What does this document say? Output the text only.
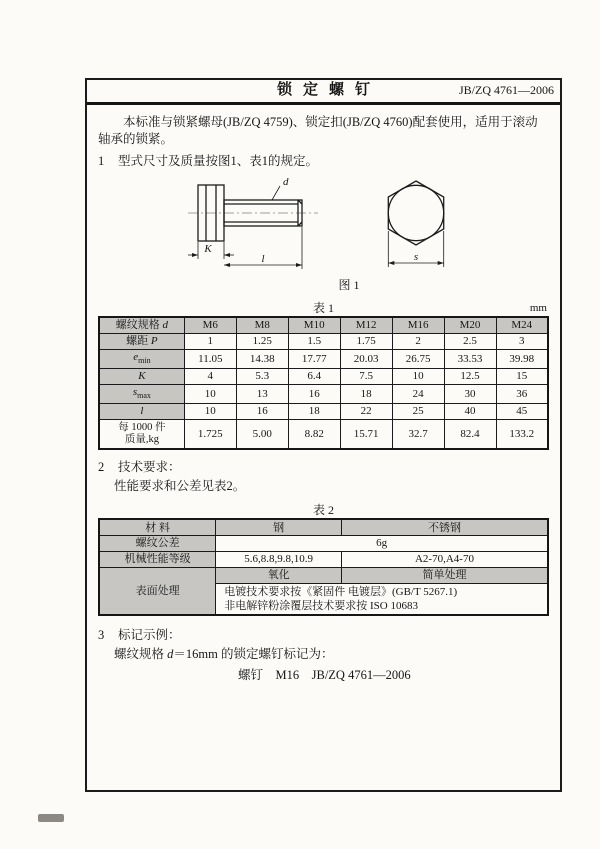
锁定螺钉	JB/ZQ 4761—2006

本标准与锁紧螺母(JB/ZQ 4759)、锁定扣(JB/ZQ 4760)配套使用，适用于滚动轴承的锁紧。

1 型式尺寸及质量按图1、表1的规定。

K
l
d
s
图 1
表 1	mm
螺纹规格 d	M6	M8	M10	M12	M16	M20	M24
螺距 P	1	1.25	1.5	1.75	2	2.5	3
$e_{min}$	11.05	14.38	17.77	20.03	26.75	33.53	39.98
K	4	5.3	6.4	7.5	10	12.5	15
$s_{max}$	10	13	16	18	24	30	36
l	10	16	18	22	25	40	45

每 1000 件
质量,kg	1.725	5.00	8.82	15.71	32.7	82.4	133.2

2 技术要求：

性能要求和公差见表2。

表 2
材 料	钢	不锈钢
螺纹公差	6g	
机械性能等级	5.6,8.8,9.8,10.9	A2-70,A4-70
表面处理	氧化	简单处理

	电镀技术要求按《紧固件 电镀层》(GB/T 5267.1)
非电解锌粉涂覆层技术要求按 ISO 10683	

3 标记示例：

螺纹规格 d＝16mm 的锁定螺钉标记为：

螺钉　M16　JB/ZQ 4761—2006
